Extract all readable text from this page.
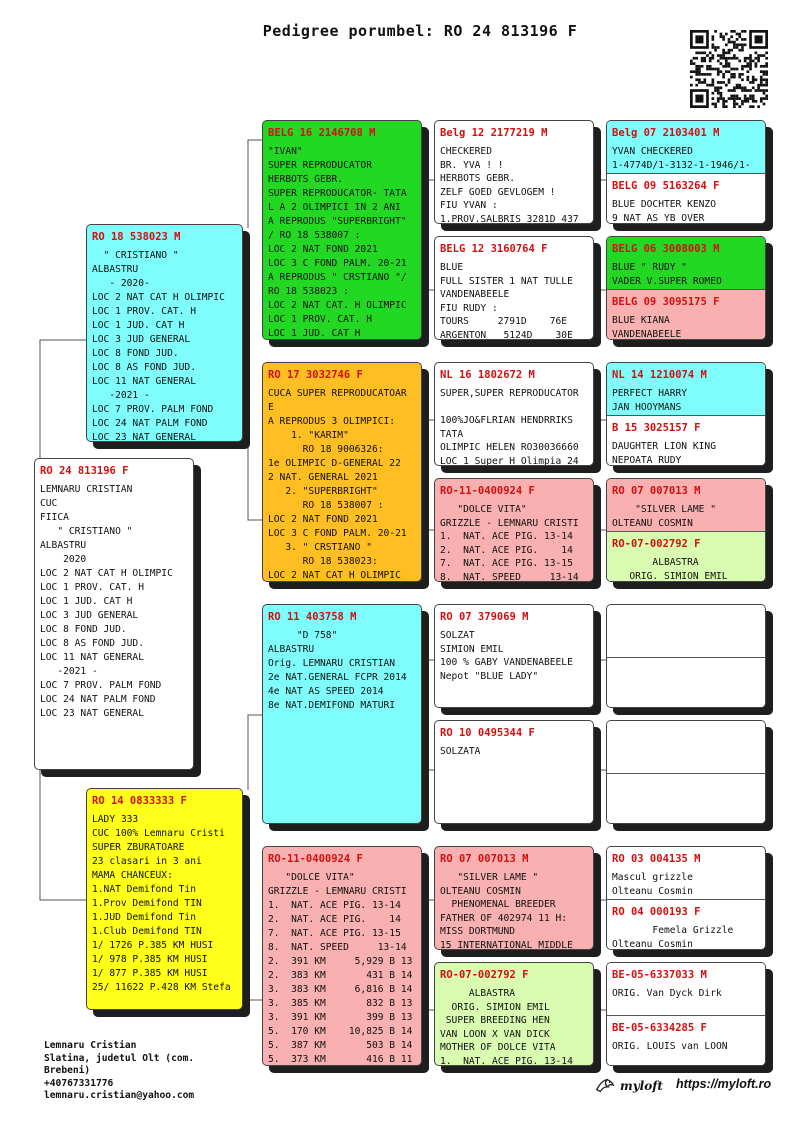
Pedigree porumbel: RO 24 813196 F
RO 24 813196 F
LEMNARU CRISTIAN
CUC
FIICA
" CRISTIANO "
ALBASTRU
2020
LOC 2 NAT CAT H OLIMPIC
LOC 1 PROV. CAT. H
LOC 1 JUD. CAT H
LOC 3 JUD GENERAL
LOC 8 FOND JUD.
LOC 8 AS FOND JUD.
LOC 11 NAT GENERAL
-2021 -
LOC 7 PROV. PALM FOND
LOC 24 NAT PALM FOND
LOC 23 NAT GENERAL
RO 18 538023 M
" CRISTIANO "
ALBASTRU
- 2020-
LOC 2 NAT CAT H OLIMPIC
LOC 1 PROV. CAT. H
LOC 1 JUD. CAT H
LOC 3 JUD GENERAL
LOC 8 FOND JUD.
LOC 8 AS FOND JUD.
LOC 11 NAT GENERAL
-2021 -
LOC 7 PROV. PALM FOND
LOC 24 NAT PALM FOND
LOC 23 NAT GENERAL
RO 14 0833333 F
LADY 333
CUC 100% Lemnaru Cristi
SUPER ZBURATOARE
23 clasari in 3 ani
MAMA CHANCEUX:
1.NAT Demifond Tin
1.Prov Demifond TIN
1.JUD Demifond Tin
1.Club Demifond TIN
1/ 1726 P.385 KM HUSI
1/ 978 P.385 KM HUSI
1/ 877 P.385 KM HUSI
25/ 11622 P.428 KM Stefa
BELG 16 2146708 M
"IVAN"
SUPER REPRODUCATOR
HERBOTS GEBR.
SUPER REPRODUCATOR- TATA
L A 2 OLIMPICI IN 2 ANI
A REPRODUS "SUPERBRIGHT"
/ RO 18 538007 :
LOC 2 NAT FOND 2021
LOC 3 C FOND PALM. 20-21
A REPRODUS " CRSTIANO "/
RO 18 538023 :
LOC 2 NAT CAT. H OLIMPIC
LOC 1 PROV. CAT. H
LOC 1 JUD. CAT H
RO 17 3032746 F
CUCA SUPER REPRODUCATOAR
E
A REPRODUS 3 OLIMPICI:
1. "KARIM"
RO 18 9006326:
1e OLIMPIC D-GENERAL 22
2 NAT. GENERAL 2021
2. "SUPERBRIGHT"
RO 18 538007 :
LOC 2 NAT FOND 2021
LOC 3 C FOND PALM. 20-21
3. " CRSTIANO "
RO 18 538023:
LOC 2 NAT CAT H OLIMPIC
RO 11 403758 M
"D 758"
ALBASTRU
Orig. LEMNARU CRISTIAN
2e NAT.GENERAL FCPR 2014
4e NAT AS SPEED 2014
8e NAT.DEMIFOND MATURI
RO-11-0400924 F
"DOLCE VITA"
GRIZZLE - LEMNARU CRISTI
1.  NAT. ACE PIG. 13-14
2.  NAT. ACE PIG.    14
7.  NAT. ACE PIG. 13-15
8.  NAT. SPEED     13-14
2.  391 KM     5,929 B 13
2.  383 KM       431 B 14
3.  383 KM     6,816 B 14
3.  385 KM       832 B 13
3.  391 KM       399 B 13
5.  170 KM    10,825 B 14
5.  387 KM       503 B 14
5.  373 KM       416 B 11
Belg 12 2177219 M
CHECKERED
BR. YVA ! !
HERBOTS GEBR.
ZELF GOED GEVLOGEM !
FIU YVAN :
1.PROV.SALBRIS 3281D 437
BELG 12 3160764 F
BLUE
FULL SISTER 1 NAT TULLE
VANDENABEELE
FIU RUDY :
TOURS     2791D    76E
ARGENTON   5124D    30E
NL 16 1802672 M
SUPER,SUPER REPRODUCATOR

100%JO&FLRIAN HENDRRIKS
TATA
OLIMPIC HELEN RO30036660
LOC 1 Super H Olimpia 24
RO-11-0400924 F
"DOLCE VITA"
GRIZZLE - LEMNARU CRISTI
1.  NAT. ACE PIG. 13-14
2.  NAT. ACE PIG.    14
7.  NAT. ACE PIG. 13-15
8.  NAT. SPEED     13-14
RO 07 379069 M
SOLZAT
SIMION EMIL
100 % GABY VANDENABEELE
Nepot "BLUE LADY"
RO 10 0495344 F
SOLZATA
RO 07 007013 M
"SILVER LAME "
OLTEANU COSMIN
PHENOMENAL BREEDER
FATHER OF 402974 11 H:
MISS DORTMUND
15 INTERNATIONAL MIDDLE
RO-07-002792 F
ALBASTRA
ORIG. SIMION EMIL
SUPER BREEDING HEN
VAN LOON X VAN DICK
MOTHER OF DOLCE VITA
1.  NAT. ACE PIG. 13-14
Belg 07 2103401 M
YVAN CHECKERED
1-4774D/1-3132-1-1946/1-
BELG 09 5163264 F
BLUE DOCHTER KENZO
9 NAT AS YB OVER
BELG 06 3008003 M
BLUE " RUDY "
VADER V.SUPER ROMEO
BELG 09 3095175 F
BLUE KIANA
VANDENABEELE
NL 14 1210074 M
PERFECT HARRY
JAN HOOYMANS
B 15 3025157 F
DAUGHTER LION KING
NEPOATA RUDY
RO 07 007013 M
"SILVER LAME "
OLTEANU COSMIN
RO-07-002792 F
ALBASTRA
ORIG. SIMION EMIL
RO 03 004135 M
Mascul grizzle
Olteanu Cosmin
RO 04 000193 F
Femela Grizzle
Olteanu Cosmin
BE-05-6337033 M
ORIG. Van Dyck Dirk
BE-05-6334285 F
ORIG. LOUIS van LOON
Lemnaru Cristian
Slatina, judetul Olt (com.
Brebeni)
+40767331776
lemnaru.cristian@yahoo.com
myloft https://myloft.ro
